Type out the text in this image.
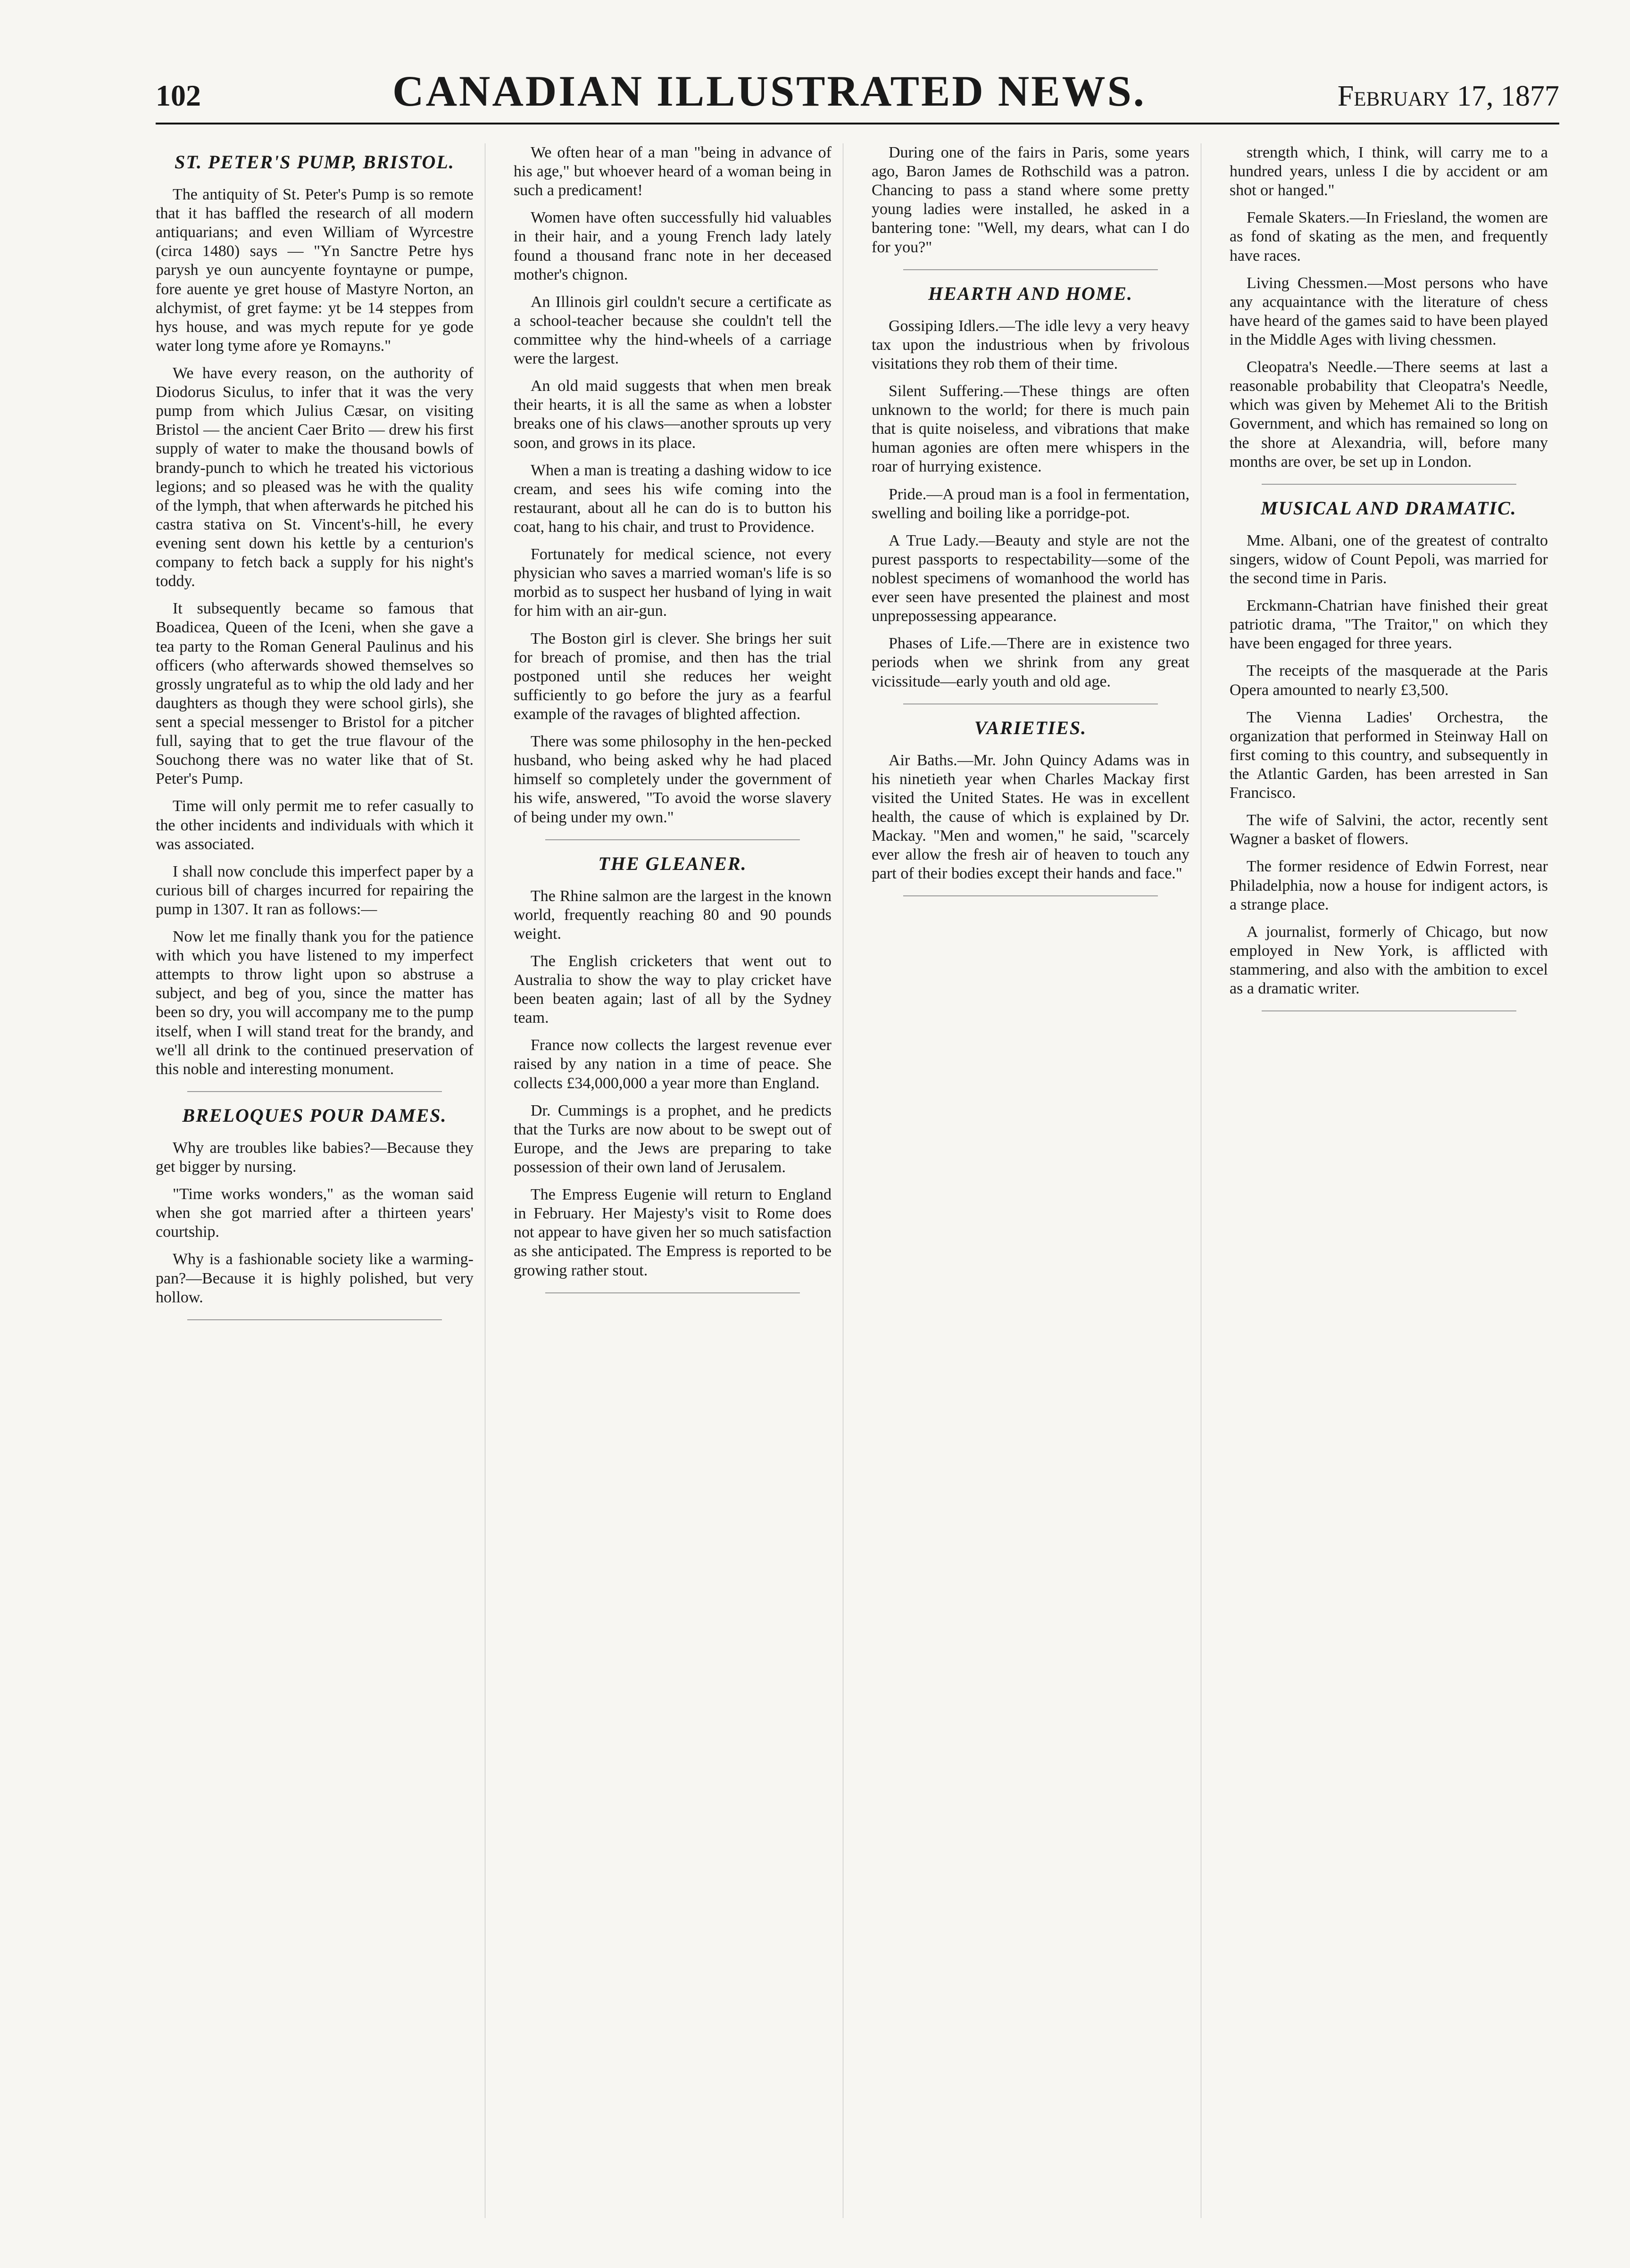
102	CANADIAN ILLUSTRATED NEWS.	February 17, 1877
ST. PETER'S PUMP, BRISTOL.

The antiquity of St. Peter's Pump is so remote that it has baffled the research of all modern antiquarians; and even William of Wyrcestre (circa 1480) says — "Yn Sanctre Petre hys parysh ye oun auncyente foyntayne or pumpe, fore auente ye gret house of Mastyre Norton, an alchymist, of gret fayme: yt be 14 steppes from hys house, and was mych repute for ye gode water long tyme afore ye Romayns."

We have every reason, on the authority of Diodorus Siculus, to infer that it was the very pump from which Julius Cæsar, on visiting Bristol — the ancient Caer Brito — drew his first supply of water to make the thousand bowls of brandy-punch to which he treated his victorious legions; and so pleased was he with the quality of the lymph, that when afterwards he pitched his castra stativa on St. Vincent's-hill, he every evening sent down his kettle by a centurion's company to fetch back a supply for his night's toddy.

It subsequently became so famous that Boadicea, Queen of the Iceni, when she gave a tea party to the Roman General Paulinus and his officers (who afterwards showed themselves so grossly ungrateful as to whip the old lady and her daughters as though they were school girls), she sent a special messenger to Bristol for a pitcher full, saying that to get the true flavour of the Souchong there was no water like that of St. Peter's Pump.

Time will only permit me to refer casually to the other incidents and individuals with which it was associated.

I shall now conclude this imperfect paper by a curious bill of charges incurred for repairing the pump in 1307. It ran as follows:—

Now let me finally thank you for the patience with which you have listened to my imperfect attempts to throw light upon so abstruse a subject, and beg of you, since the matter has been so dry, you will accompany me to the pump itself, when I will stand treat for the brandy, and we'll all drink to the continued preservation of this noble and interesting monument.

BRELOQUES POUR DAMES.

Why are troubles like babies?—Because they get bigger by nursing.

"Time works wonders," as the woman said when she got married after a thirteen years' courtship.

Why is a fashionable society like a warming-pan?—Because it is highly polished, but very hollow.

We often hear of a man "being in advance of his age," but whoever heard of a woman being in such a predicament!

Women have often successfully hid valuables in their hair, and a young French lady lately found a thousand franc note in her deceased mother's chignon.

An Illinois girl couldn't secure a certificate as a school-teacher because she couldn't tell the committee why the hind-wheels of a carriage were the largest.

An old maid suggests that when men break their hearts, it is all the same as when a lobster breaks one of his claws—another sprouts up very soon, and grows in its place.

When a man is treating a dashing widow to ice cream, and sees his wife coming into the restaurant, about all he can do is to button his coat, hang to his chair, and trust to Providence.

Fortunately for medical science, not every physician who saves a married woman's life is so morbid as to suspect her husband of lying in wait for him with an air-gun.

The Boston girl is clever. She brings her suit for breach of promise, and then has the trial postponed until she reduces her weight sufficiently to go before the jury as a fearful example of the ravages of blighted affection.

There was some philosophy in the hen-pecked husband, who being asked why he had placed himself so completely under the government of his wife, answered, "To avoid the worse slavery of being under my own."

THE GLEANER.

The Rhine salmon are the largest in the known world, frequently reaching 80 and 90 pounds weight.

The English cricketers that went out to Australia to show the way to play cricket have been beaten again; last of all by the Sydney team.

France now collects the largest revenue ever raised by any nation in a time of peace. She collects £34,000,000 a year more than England.

Dr. Cummings is a prophet, and he predicts that the Turks are now about to be swept out of Europe, and the Jews are preparing to take possession of their own land of Jerusalem.

The Empress Eugenie will return to England in February. Her Majesty's visit to Rome does not appear to have given her so much satisfaction as she anticipated. The Empress is reported to be growing rather stout.

During one of the fairs in Paris, some years ago, Baron James de Rothschild was a patron. Chancing to pass a stand where some pretty young ladies were installed, he asked in a bantering tone: "Well, my dears, what can I do for you?"

HEARTH AND HOME.

Gossiping Idlers.—The idle levy a very heavy tax upon the industrious when by frivolous visitations they rob them of their time.

Silent Suffering.—These things are often unknown to the world; for there is much pain that is quite noiseless, and vibrations that make human agonies are often mere whispers in the roar of hurrying existence.

Pride.—A proud man is a fool in fermentation, swelling and boiling like a porridge-pot.

A True Lady.—Beauty and style are not the purest passports to respectability—some of the noblest specimens of womanhood the world has ever seen have presented the plainest and most unprepossessing appearance.

Phases of Life.—There are in existence two periods when we shrink from any great vicissitude—early youth and old age.

VARIETIES.

Air Baths.—Mr. John Quincy Adams was in his ninetieth year when Charles Mackay first visited the United States. He was in excellent health, the cause of which is explained by Dr. Mackay. "Men and women," he said, "scarcely ever allow the fresh air of heaven to touch any part of their bodies except their hands and face."

strength which, I think, will carry me to a hundred years, unless I die by accident or am shot or hanged."

Female Skaters.—In Friesland, the women are as fond of skating as the men, and frequently have races.

Living Chessmen.—Most persons who have any acquaintance with the literature of chess have heard of the games said to have been played in the Middle Ages with living chessmen.

Cleopatra's Needle.—There seems at last a reasonable probability that Cleopatra's Needle, which was given by Mehemet Ali to the British Government, and which has remained so long on the shore at Alexandria, will, before many months are over, be set up in London.

MUSICAL AND DRAMATIC.

Mme. Albani, one of the greatest of contralto singers, widow of Count Pepoli, was married for the second time in Paris.

Erckmann-Chatrian have finished their great patriotic drama, "The Traitor," on which they have been engaged for three years.

The receipts of the masquerade at the Paris Opera amounted to nearly £3,500.

The Vienna Ladies' Orchestra, the organization that performed in Steinway Hall on first coming to this country, and subsequently in the Atlantic Garden, has been arrested in San Francisco.

The wife of Salvini, the actor, recently sent Wagner a basket of flowers.

The former residence of Edwin Forrest, near Philadelphia, now a house for indigent actors, is a strange place.

A journalist, formerly of Chicago, but now employed in New York, is afflicted with stammering, and also with the ambition to excel as a dramatic writer.
